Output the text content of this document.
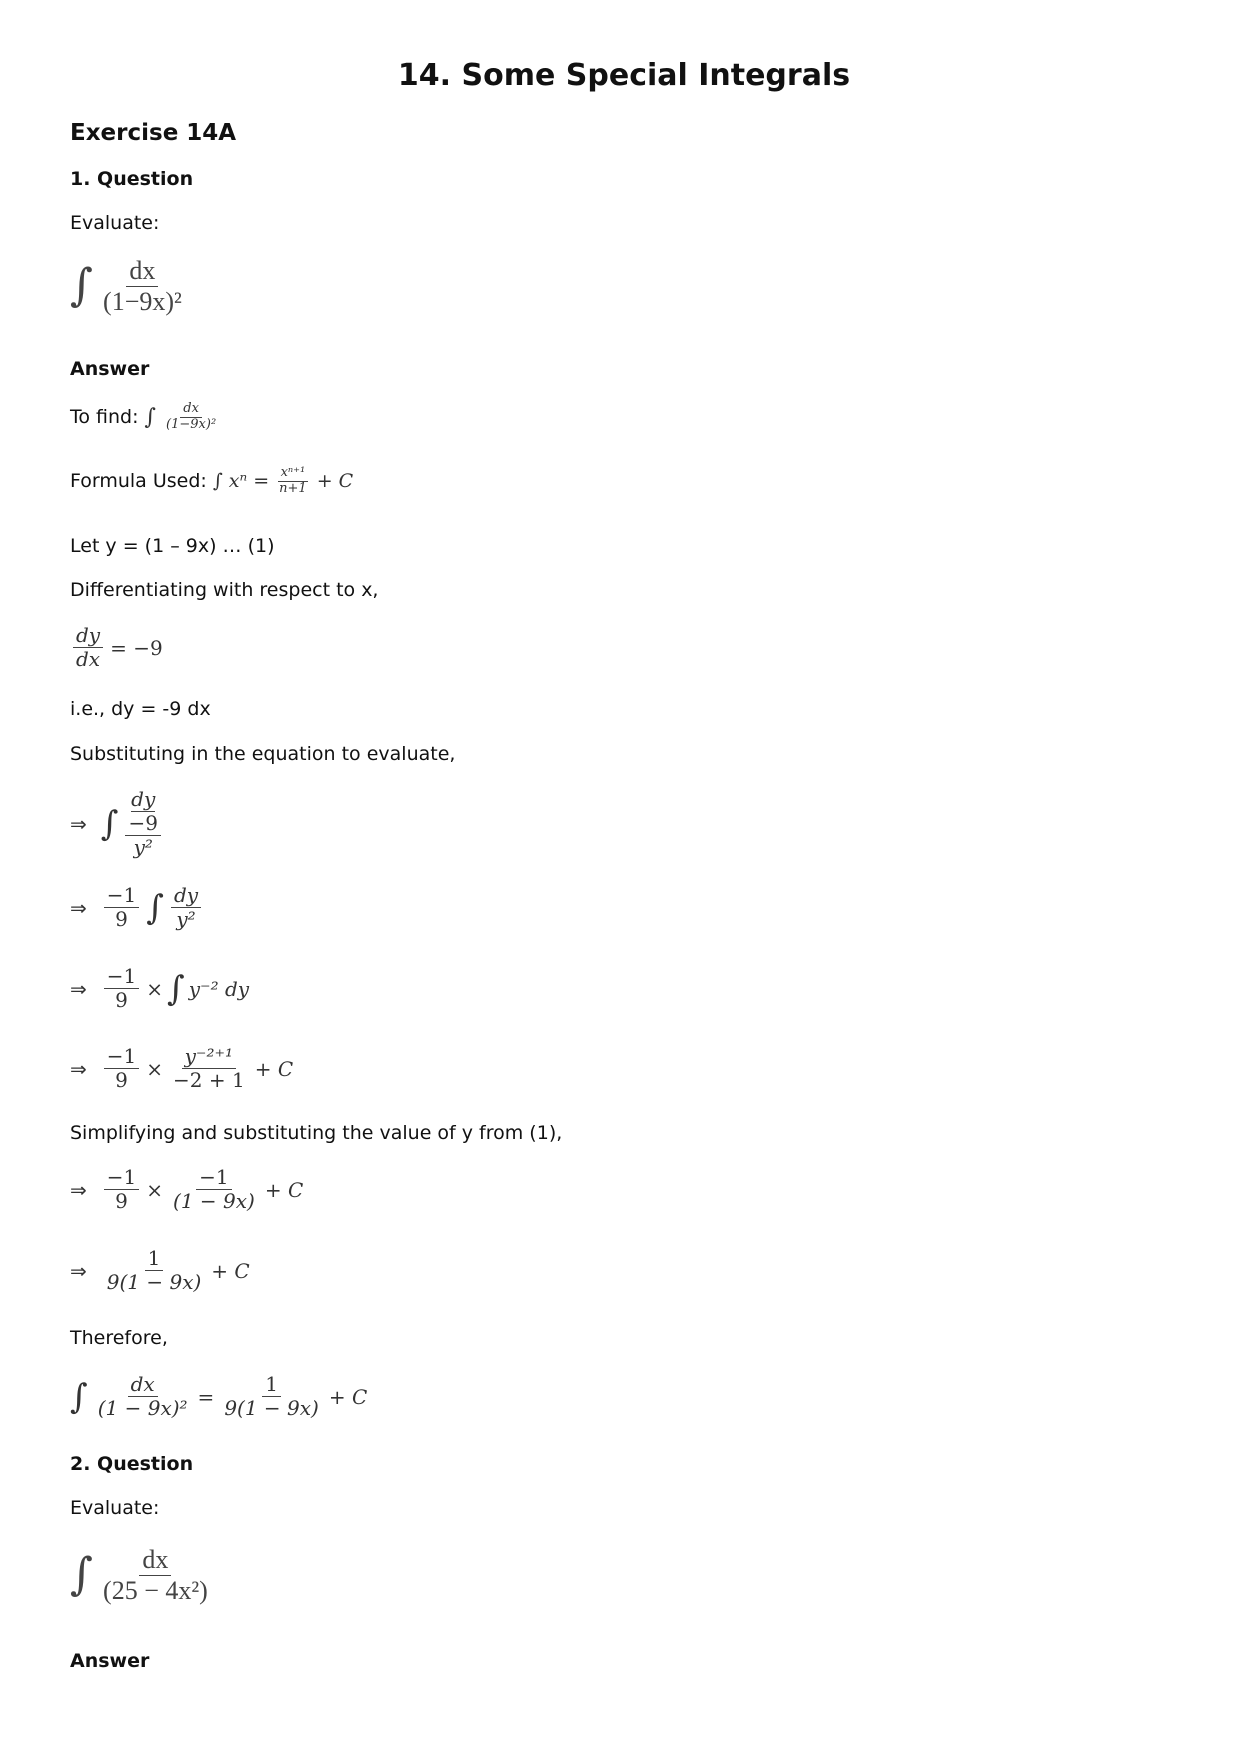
14. Some Special Integrals
Exercise 14A
1. Question
Evaluate:
∫ $\frac{dx}{\text{(1−9x)²}}$
Answer
To find: ∫ $\frac{dx}{\text{(1−9x)²}}$
Formula Used: ∫ $x^n = \frac{\text{xⁿ⁺¹}}{n+1} + C$
Let y = (1 – 9x) … (1)
Differentiating with respect to x,
$\frac{dy}{dx} = -9$
i.e., dy = -9 dx
Substituting in the equation to evaluate,
⇒ ∫ $\frac{\frac{dy}{-9}}{\text{y²}}$
⇒ $\frac{-1}{9}$ ∫ $\frac{dy}{\text{y²}}$
⇒ $\frac{-1}{9}$ × ∫ y⁻² dy
⇒ $\frac{-1}{9} \times \frac{\text{y⁻²⁺¹}}{-2 + 1} + C$
Simplifying and substituting the value of y from (1),
⇒ $\frac{-1}{9} \times \frac{-1}{(1 - 9x)} + C$
⇒ $\frac{1}{9(1 - 9x)} + C$
Therefore,
∫ $\frac{dx}{\text{(1 − 9x)²}} = \frac{1}{9(1 - 9x)} + C$
2. Question
Evaluate:
∫ $\frac{dx}{\text{(25 − 4x²)}}$
Answer
